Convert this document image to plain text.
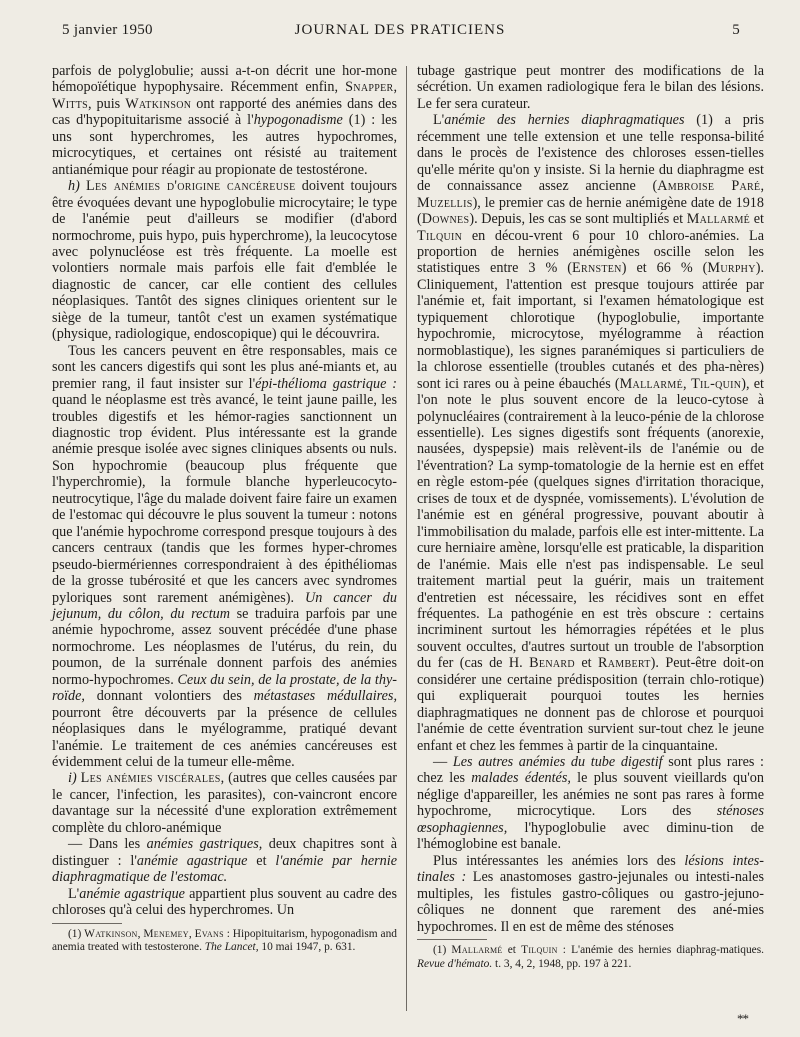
5 janvier 1950	JOURNAL DES PRATICIENS	5

parfois de polyglobulie; aussi a-t-on décrit une hor-mone hémopoïétique hypophysaire. Récemment enfin, Snapper, Witts, puis Watkinson ont rapporté des anémies dans des cas d'hypopituitarisme associé à l'hypogonadisme (1) : les uns sont hyperchromes, les autres hypochromes, microcytiques, et certaines ont résisté au traitement antianémique pour réagir au propionate de testostérone.

h) Les anémies d'origine cancéreuse doivent toujours être évoquées devant une hypoglobulie microcytaire; le type de l'anémie peut d'ailleurs se modifier (d'abord normochrome, puis hypo, puis hyperchrome), la leucocytose avec polynucléose est très fréquente. La moelle est volontiers normale mais parfois elle fait d'emblée le diagnostic de cancer, car elle contient des cellules néoplasiques. Tantôt des signes cliniques orientent sur le siège de la tumeur, tantôt c'est un examen systématique (physique, radiologique, endoscopique) qui le découvrira.

Tous les cancers peuvent en être responsables, mais ce sont les cancers digestifs qui sont les plus ané-miants et, au premier rang, il faut insister sur l'épi-thélioma gastrique : quand le néoplasme est très avancé, le teint jaune paille, les troubles digestifs et les hémor-ragies sanctionnent un diagnostic trop évident. Plus intéressante est la grande anémie presque isolée avec signes cliniques absents ou nuls. Son hypochromie (beaucoup plus fréquente que l'hyperchromie), la formule blanche hyperleucocyto-neutrocytique, l'âge du malade doivent faire faire un examen de l'estomac qui découvre le plus souvent la tumeur : notons que l'anémie hypochrome correspond presque toujours à des cancers centraux (tandis que les formes hyper-chromes pseudo-biermériennes correspondraient à des épithéliomas de la grosse tubérosité et que les cancers avec syndromes pyloriques sont rarement anémigènes). Un cancer du jejunum, du côlon, du rectum se traduira parfois par une anémie hypochrome, assez souvent précédée d'une phase normochrome. Les néoplasmes de l'utérus, du rein, du poumon, de la surrénale donnent parfois des anémies normo-hypochromes. Ceux du sein, de la prostate, de la thy-roïde, donnant volontiers des métastases médullaires, pourront être découverts par la présence de cellules néoplasiques dans le myélogramme, pratiqué devant l'anémie. Le traitement de ces anémies cancéreuses est évidemment celui de la tumeur elle-même.

i) Les anémies viscérales, (autres que celles causées par le cancer, l'infection, les parasites), con-vaincront encore davantage sur la nécessité d'une exploration extrêmement complète du chloro-anémique

— Dans les anémies gastriques, deux chapitres sont à distinguer : l'anémie agastrique et l'anémie par hernie diaphragmatique de l'estomac.

L'anémie agastrique appartient plus souvent au cadre des chloroses qu'à celui des hyperchromes. Un

(1) Watkinson, Menemey, Evans : Hipopituitarism, hypogonadism and anemia treated with testosterone. The Lancet, 10 mai 1947, p. 631.

tubage gastrique peut montrer des modifications de la sécrétion. Un examen radiologique fera le bilan des lésions. Le fer sera curateur.

L'anémie des hernies diaphragmatiques (1) a pris récemment une telle extension et une telle responsa-bilité dans le procès de l'existence des chloroses essen-tielles qu'elle mérite qu'on y insiste. Si la hernie du diaphragme est de connaissance assez ancienne (Ambroise Paré, Muzellis), le premier cas de hernie anémigène date de 1918 (Downes). Depuis, les cas se sont multipliés et Mallarmé et Tilquin en décou-vrent 6 pour 10 chloro-anémies. La proportion de hernies anémigènes oscille selon les statistiques entre 3 % (Ernsten) et 66 % (Murphy). Cliniquement, l'attention est presque toujours attirée par l'anémie et, fait important, si l'examen hématologique est typiquement chlorotique (hypoglobulie, importante hypochromie, microcytose, myélogramme à réaction normoblastique), les signes paranémiques si particuliers de la chlorose essentielle (troubles cutanés et des pha-nères) sont ici rares ou à peine ébauchés (Mallarmé, Til-quin), et l'on note le plus souvent encore de la leuco-cytose à polynucléaires (contrairement à la leuco-pénie de la chlorose essentielle). Les signes digestifs sont fréquents (anorexie, nausées, dyspepsie) mais relèvent-ils de l'anémie ou de l'éventration? La symp-tomatologie de la hernie est en effet en règle estom-pée (quelques signes d'irritation thoracique, crises de toux et de dyspnée, vomissements). L'évolution de l'anémie est en général progressive, pouvant aboutir à l'immobilisation du malade, parfois elle est inter-mittente. La cure herniaire amène, lorsqu'elle est praticable, la disparition de l'anémie. Mais elle n'est pas indispensable. Le seul traitement martial peut la guérir, mais un traitement d'entretien est nécessaire, les récidives sont en effet fréquentes. La pathogénie en est très obscure : certains incriminent surtout les hémorragies répétées et le plus souvent occultes, d'autres surtout un trouble de l'absorption du fer (cas de H. Benard et Rambert). Peut-être doit-on considérer une certaine prédisposition (terrain chlo-rotique) qui expliquerait pourquoi toutes les hernies diaphragmatiques ne donnent pas de chlorose et pourquoi l'anémie de cette éventration survient sur-tout chez le jeune enfant et chez les femmes à partir de la cinquantaine.

— Les autres anémies du tube digestif sont plus rares : chez les malades édentés, le plus souvent vieillards qu'on néglige d'appareiller, les anémies ne sont pas rares à forme hypochrome, microcytique. Lors des sténoses œsophagiennes, l'hypoglobulie avec diminu-tion de l'hémoglobine est banale.

Plus intéressantes les anémies lors des lésions intes-tinales : Les anastomoses gastro-jejunales ou intesti-nales multiples, les fistules gastro-côliques ou gastro-jejuno-côliques ne donnent que rarement des ané-mies hypochromes. Il en est de même des sténoses

(1) Mallarmé et Tilquin : L'anémie des hernies diaphrag-matiques. Revue d'hémato. t. 3, 4, 2, 1948, pp. 197 à 221.

**
